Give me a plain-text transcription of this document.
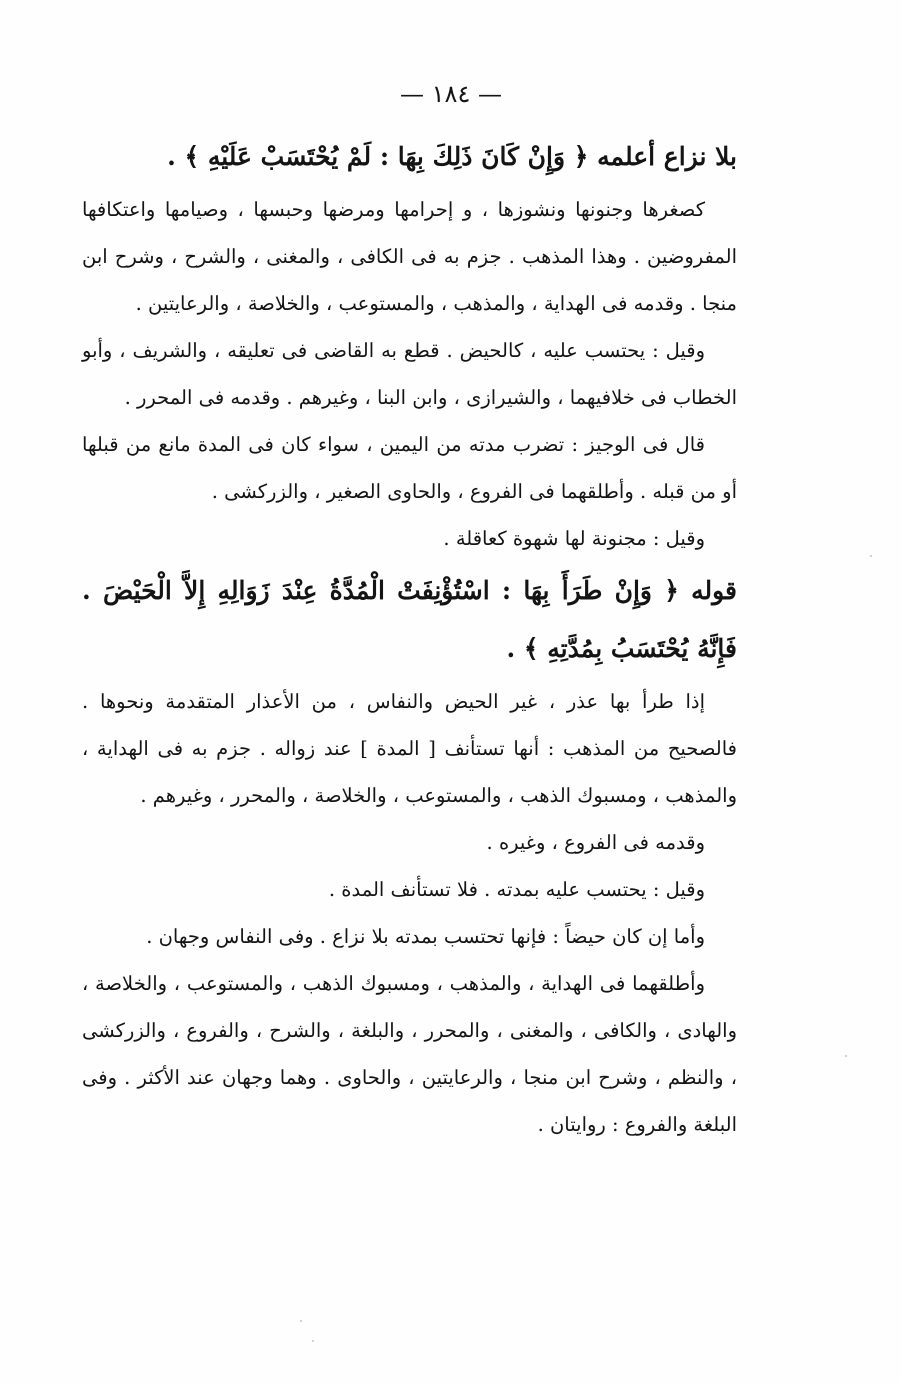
— ١٨٤ —

بلا نزاع أعلمه ﴿ وَإِنْ كَانَ ذَلِكَ بِهَا : لَمْ يُحْتَسَبْ عَلَيْهِ ﴾ .

كصغرها وجنونها ونشوزها ، و إحرامها ومرضها وحبسها ، وصيامها واعتكافها المفروضين . وهذا المذهب . جزم به فى الكافى ، والمغنى ، والشرح ، وشرح ابن منجا . وقدمه فى الهداية ، والمذهب ، والمستوعب ، والخلاصة ، والرعايتين .

وقيل : يحتسب عليه ، كالحيض . قطع به القاضى فى تعليقه ، والشريف ، وأبو الخطاب فى خلافيهما ، والشيرازى ، وابن البنا ، وغيرهم . وقدمه فى المحرر .

قال فى الوجيز : تضرب مدته من اليمين ، سواء كان فى المدة مانع من قبلها أو من قبله . وأطلقهما فى الفروع ، والحاوى الصغير ، والزركشى .

وقيل : مجنونة لها شهوة كعاقلة .

قوله ﴿ وَإِنْ طَرَأَ بِهَا : اسْتُؤْنِفَتْ الْمُدَّةُ عِنْدَ زَوَالِهِ إِلاَّ الْحَيْضَ . فَإِنَّهُ يُحْتَسَبُ بِمُدَّتِهِ ﴾ .

إذا طرأ بها عذر ، غير الحيض والنفاس ، من الأعذار المتقدمة ونحوها . فالصحيح من المذهب : أنها تستأنف [ المدة ] عند زواله . جزم به فى الهداية ، والمذهب ، ومسبوك الذهب ، والمستوعب ، والخلاصة ، والمحرر ، وغيرهم .

وقدمه فى الفروع ، وغيره .

وقيل : يحتسب عليه بمدته . فلا تستأنف المدة .

وأما إن كان حيضاً : فإنها تحتسب بمدته بلا نزاع . وفى النفاس وجهان .

وأطلقهما فى الهداية ، والمذهب ، ومسبوك الذهب ، والمستوعب ، والخلاصة ، والهادى ، والكافى ، والمغنى ، والمحرر ، والبلغة ، والشرح ، والفروع ، والزركشى ، والنظم ، وشرح ابن منجا ، والرعايتين ، والحاوى . وهما وجهان عند الأكثر . وفى البلغة والفروع : روايتان .
